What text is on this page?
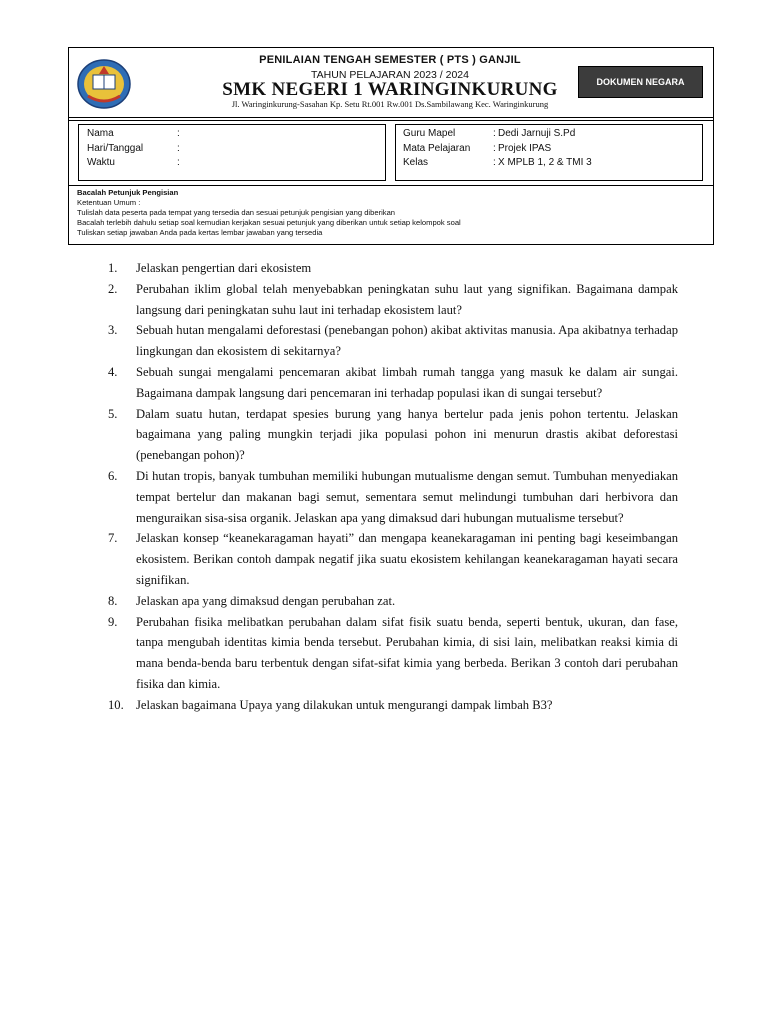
PENILAIAN TENGAH SEMESTER ( PTS ) GANJIL
TAHUN PELAJARAN 2023 / 2024
SMK NEGERI 1 WARINGINKURUNG
Jl. Waringinkurung-Sasahan Kp. Setu Rt.001 Rw.001 Ds.Sambilawang Kec. Waringinkurung
DOKUMEN NEGARA
Nama	:
Hari/Tanggal	:
Waktu	:
Guru Mapel	: Dedi Jarnuji S.Pd
Mata Pelajaran : Projek IPAS
Kelas	: X MPLB 1, 2 & TMI 3
Bacalah Petunjuk Pengisian
Ketentuan Umum :
Tulislah data peserta pada tempat yang tersedia dan sesuai petunjuk pengisian yang diberikan
Bacalah terlebih dahulu setiap soal kemudian kerjakan sesuai petunjuk yang diberikan untuk setiap kelompok soal
Tuliskan setiap jawaban Anda pada kertas lembar jawaban yang tersedia
1.	Jelaskan pengertian dari ekosistem
2.	Perubahan iklim global telah menyebabkan peningkatan suhu laut yang signifikan. Bagaimana dampak langsung dari peningkatan suhu laut ini terhadap ekosistem laut?
3.	Sebuah hutan mengalami deforestasi (penebangan pohon) akibat aktivitas manusia. Apa akibatnya terhadap lingkungan dan ekosistem di sekitarnya?
4.	Sebuah sungai mengalami pencemaran akibat limbah rumah tangga yang masuk ke dalam air sungai. Bagaimana dampak langsung dari pencemaran ini terhadap populasi ikan di sungai tersebut?
5.	Dalam suatu hutan, terdapat spesies burung yang hanya bertelur pada jenis pohon tertentu. Jelaskan bagaimana yang paling mungkin terjadi jika populasi pohon ini menurun drastis akibat deforestasi (penebangan pohon)?
6.	Di hutan tropis, banyak tumbuhan memiliki hubungan mutualisme dengan semut. Tumbuhan menyediakan tempat bertelur dan makanan bagi semut, sementara semut melindungi tumbuhan dari herbivora dan menguraikan sisa-sisa organik. Jelaskan apa yang dimaksud dari hubungan mutualisme tersebut?
7.	Jelaskan konsep “keanekaragaman hayati” dan mengapa keanekaragaman ini penting bagi keseimbangan ekosistem. Berikan contoh dampak negatif jika suatu ekosistem kehilangan keanekaragaman hayati secara signifikan.
8.	Jelaskan apa yang dimaksud dengan perubahan zat.
9.	Perubahan fisika melibatkan perubahan dalam sifat fisik suatu benda, seperti bentuk, ukuran, dan fase, tanpa mengubah identitas kimia benda tersebut. Perubahan kimia, di sisi lain, melibatkan reaksi kimia di mana benda-benda baru terbentuk dengan sifat-sifat kimia yang berbeda. Berikan 3 contoh dari perubahan fisika dan kimia.
10. Jelaskan bagaimana Upaya yang dilakukan untuk mengurangi dampak limbah B3?
